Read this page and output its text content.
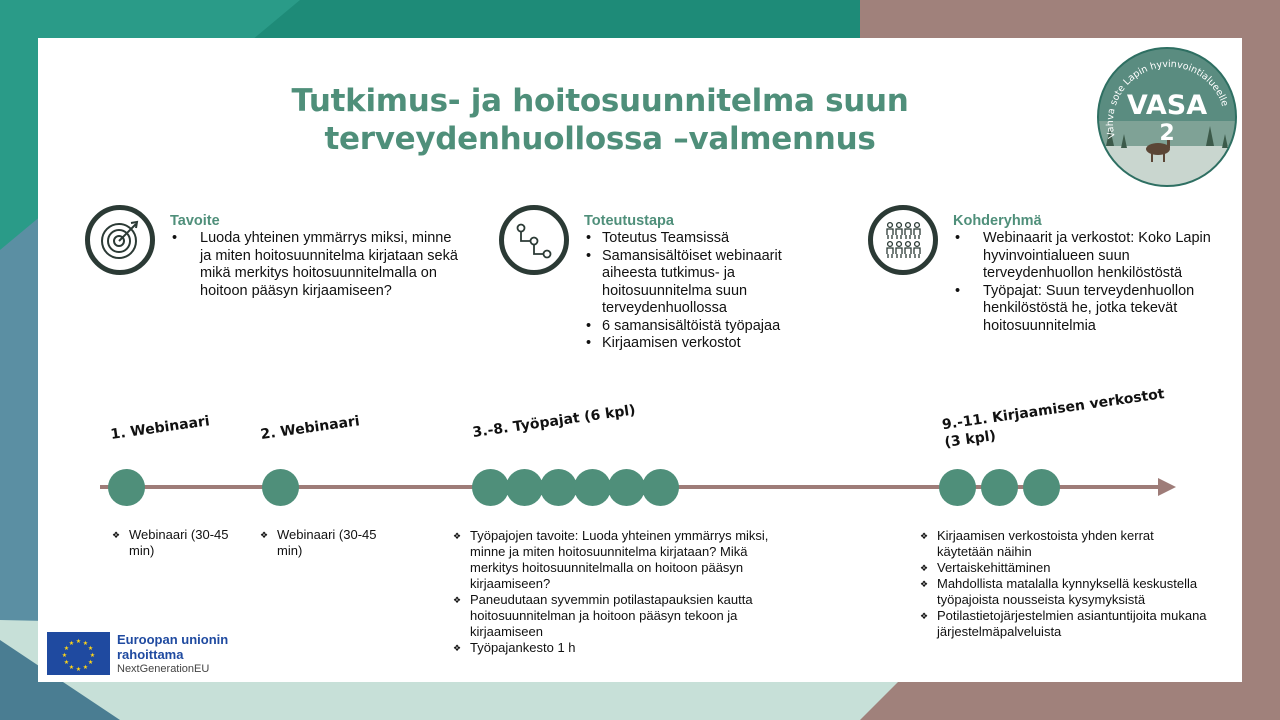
Tutkimus- ja hoitosuunnitelma suun
terveydenhuollossa –valmennus	Vahva sote Lapin hyvinvointialueelle
VASA
2
Tavoite
• Luoda yhteinen ymmärrys miksi, minne ja miten hoitosuunnitelma kirjataan sekä mikä merkitys hoitosuunnitelmalla on hoitoon pääsyn kirjaamiseen?
Toteutustapa
• Toteutus Teamsissä
• Samansisältöiset webinaarit aiheesta tutkimus- ja hoitosuunnitelma suun terveydenhuollossa
• 6 samansisältöistä työpajaa
• Kirjaamisen verkostot
Kohderyhmä
• Webinaarit ja verkostot: Koko Lapin hyvinvointialueen suun terveydenhuollon henkilöstöstä
• Työpajat: Suun terveydenhuollon henkilöstöstä he, jotka tekevät hoitosuunnitelmia
1. Webinaari	2. Webinaari	3.-8. Työpajat (6 kpl)	9.-11. Kirjaamisen verkostot
(3 kpl)
❖ Webinaari (30-45 min)
❖ Webinaari (30-45 min)
❖ Työpajojen tavoite: Luoda yhteinen ymmärrys miksi, minne ja miten hoitosuunnitelma kirjataan? Mikä merkitys hoitosuunnitelmalla on hoitoon pääsyn kirjaamiseen?
❖ Paneudutaan syvemmin potilastapauksien kautta hoitosuunnitelman ja hoitoon pääsyn tekoon ja kirjaamiseen
❖ Työpajankesto 1 h
❖ Kirjaamisen verkostoista yhden kerrat käytetään näihin
❖ Vertaiskehittäminen
❖ Mahdollista matalalla kynnyksellä keskustella työpajoista nousseista kysymyksistä
❖ Potilastietojärjestelmien asiantuntijoita mukana järjestelmäpalveluista
★ ★
★
★
★
★
★
★
★
★
★
★	Euroopan unionin
rahoittama
NextGenerationEU
